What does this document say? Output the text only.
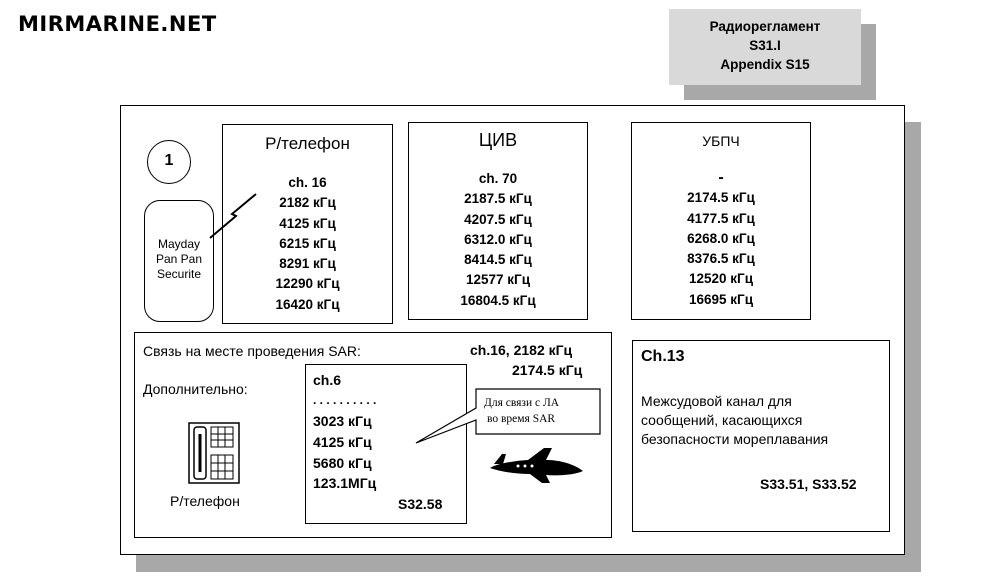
MIRMARINE.NET	Радиорегламент
S31.I
Appendix S15
1
Mayday
Pan Pan
Securite
Р/телефон
ch. 16
2182 кГц
4125 кГц
6215 кГц
8291 кГц
12290 кГц
16420 кГц
ЦИВ
ch. 70
2187.5 кГц
4207.5 кГц
6312.0 кГц
8414.5 кГц
12577 кГц
16804.5 кГц
УБПЧ
-
2174.5 кГц
4177.5 кГц
6268.0 кГц
8376.5 кГц
12520 кГц
16695 кГц
Связь на месте проведения SAR:	ch.16, 2182 кГц
2174.5 кГц
Дополнительно:
Р/телефон
ch.6
. . . . . . . . . .
3023 кГц
4125 кГц
5680 кГц
123.1МГц
S32.58
Для связи с ЛА
во время SAR
Ch.13
Межсудовой канал для
сообщений, касающихся
безопасности мореплавания
S33.51, S33.52
